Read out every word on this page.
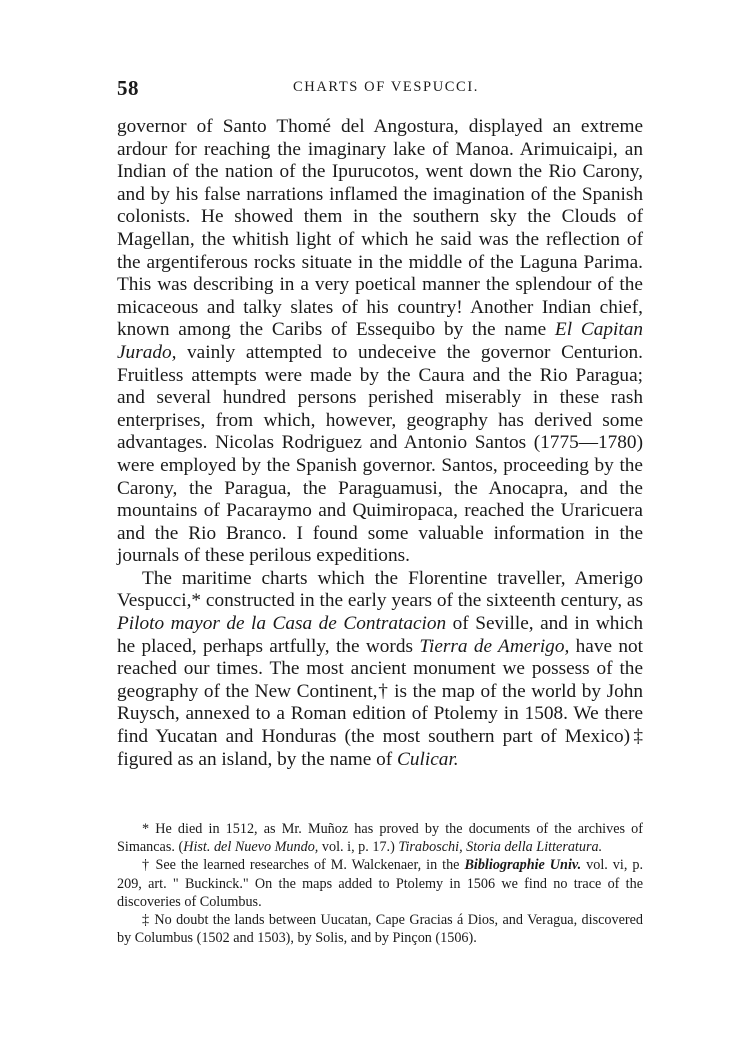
58	CHARTS OF VESPUCCI.

governor of Santo Thomé del Angostura, displayed an extreme ardour for reaching the imaginary lake of Manoa. Arimuicaipi, an Indian of the nation of the Ipurucotos, went down the Rio Carony, and by his false narrations inflamed the imagination of the Spanish colonists. He showed them in the southern sky the Clouds of Magellan, the whitish light of which he said was the reflection of the argentiferous rocks situate in the middle of the Laguna Parima. This was describing in a very poetical manner the splendour of the micaceous and talky slates of his country! Another Indian chief, known among the Caribs of Essequibo by the name El Capitan Jurado, vainly attempted to undeceive the governor Centurion. Fruitless attempts were made by the Caura and the Rio Paragua; and several hundred persons perished miserably in these rash enterprises, from which, however, geography has derived some advantages. Nicolas Rodriguez and Antonio Santos (1775—1780) were employed by the Spanish governor. Santos, proceeding by the Carony, the Paragua, the Paraguamusi, the Anocapra, and the mountains of Pacaraymo and Quimiropaca, reached the Uraricuera and the Rio Branco. I found some valuable information in the journals of these perilous expeditions.

The maritime charts which the Florentine traveller, Amerigo Vespucci,* constructed in the early years of the sixteenth century, as Piloto mayor de la Casa de Contratacion of Seville, and in which he placed, perhaps artfully, the words Tierra de Amerigo, have not reached our times. The most ancient monument we possess of the geography of the New Continent,† is the map of the world by John Ruysch, annexed to a Roman edition of Ptolemy in 1508. We there find Yucatan and Honduras (the most southern part of Mexico)‡ figured as an island, by the name of Culicar.

* He died in 1512, as Mr. Muñoz has proved by the documents of the archives of Simancas. (Hist. del Nuevo Mundo, vol. i, p. 17.) Tiraboschi, Storia della Litteratura.

† See the learned researches of M. Walckenaer, in the Bibliographie Univ. vol. vi, p. 209, art. " Buckinck." On the maps added to Ptolemy in 1506 we find no trace of the discoveries of Columbus.

‡ No doubt the lands between Uucatan, Cape Gracias á Dios, and Veragua, discovered by Columbus (1502 and 1503), by Solis, and by Pinçon (1506).
